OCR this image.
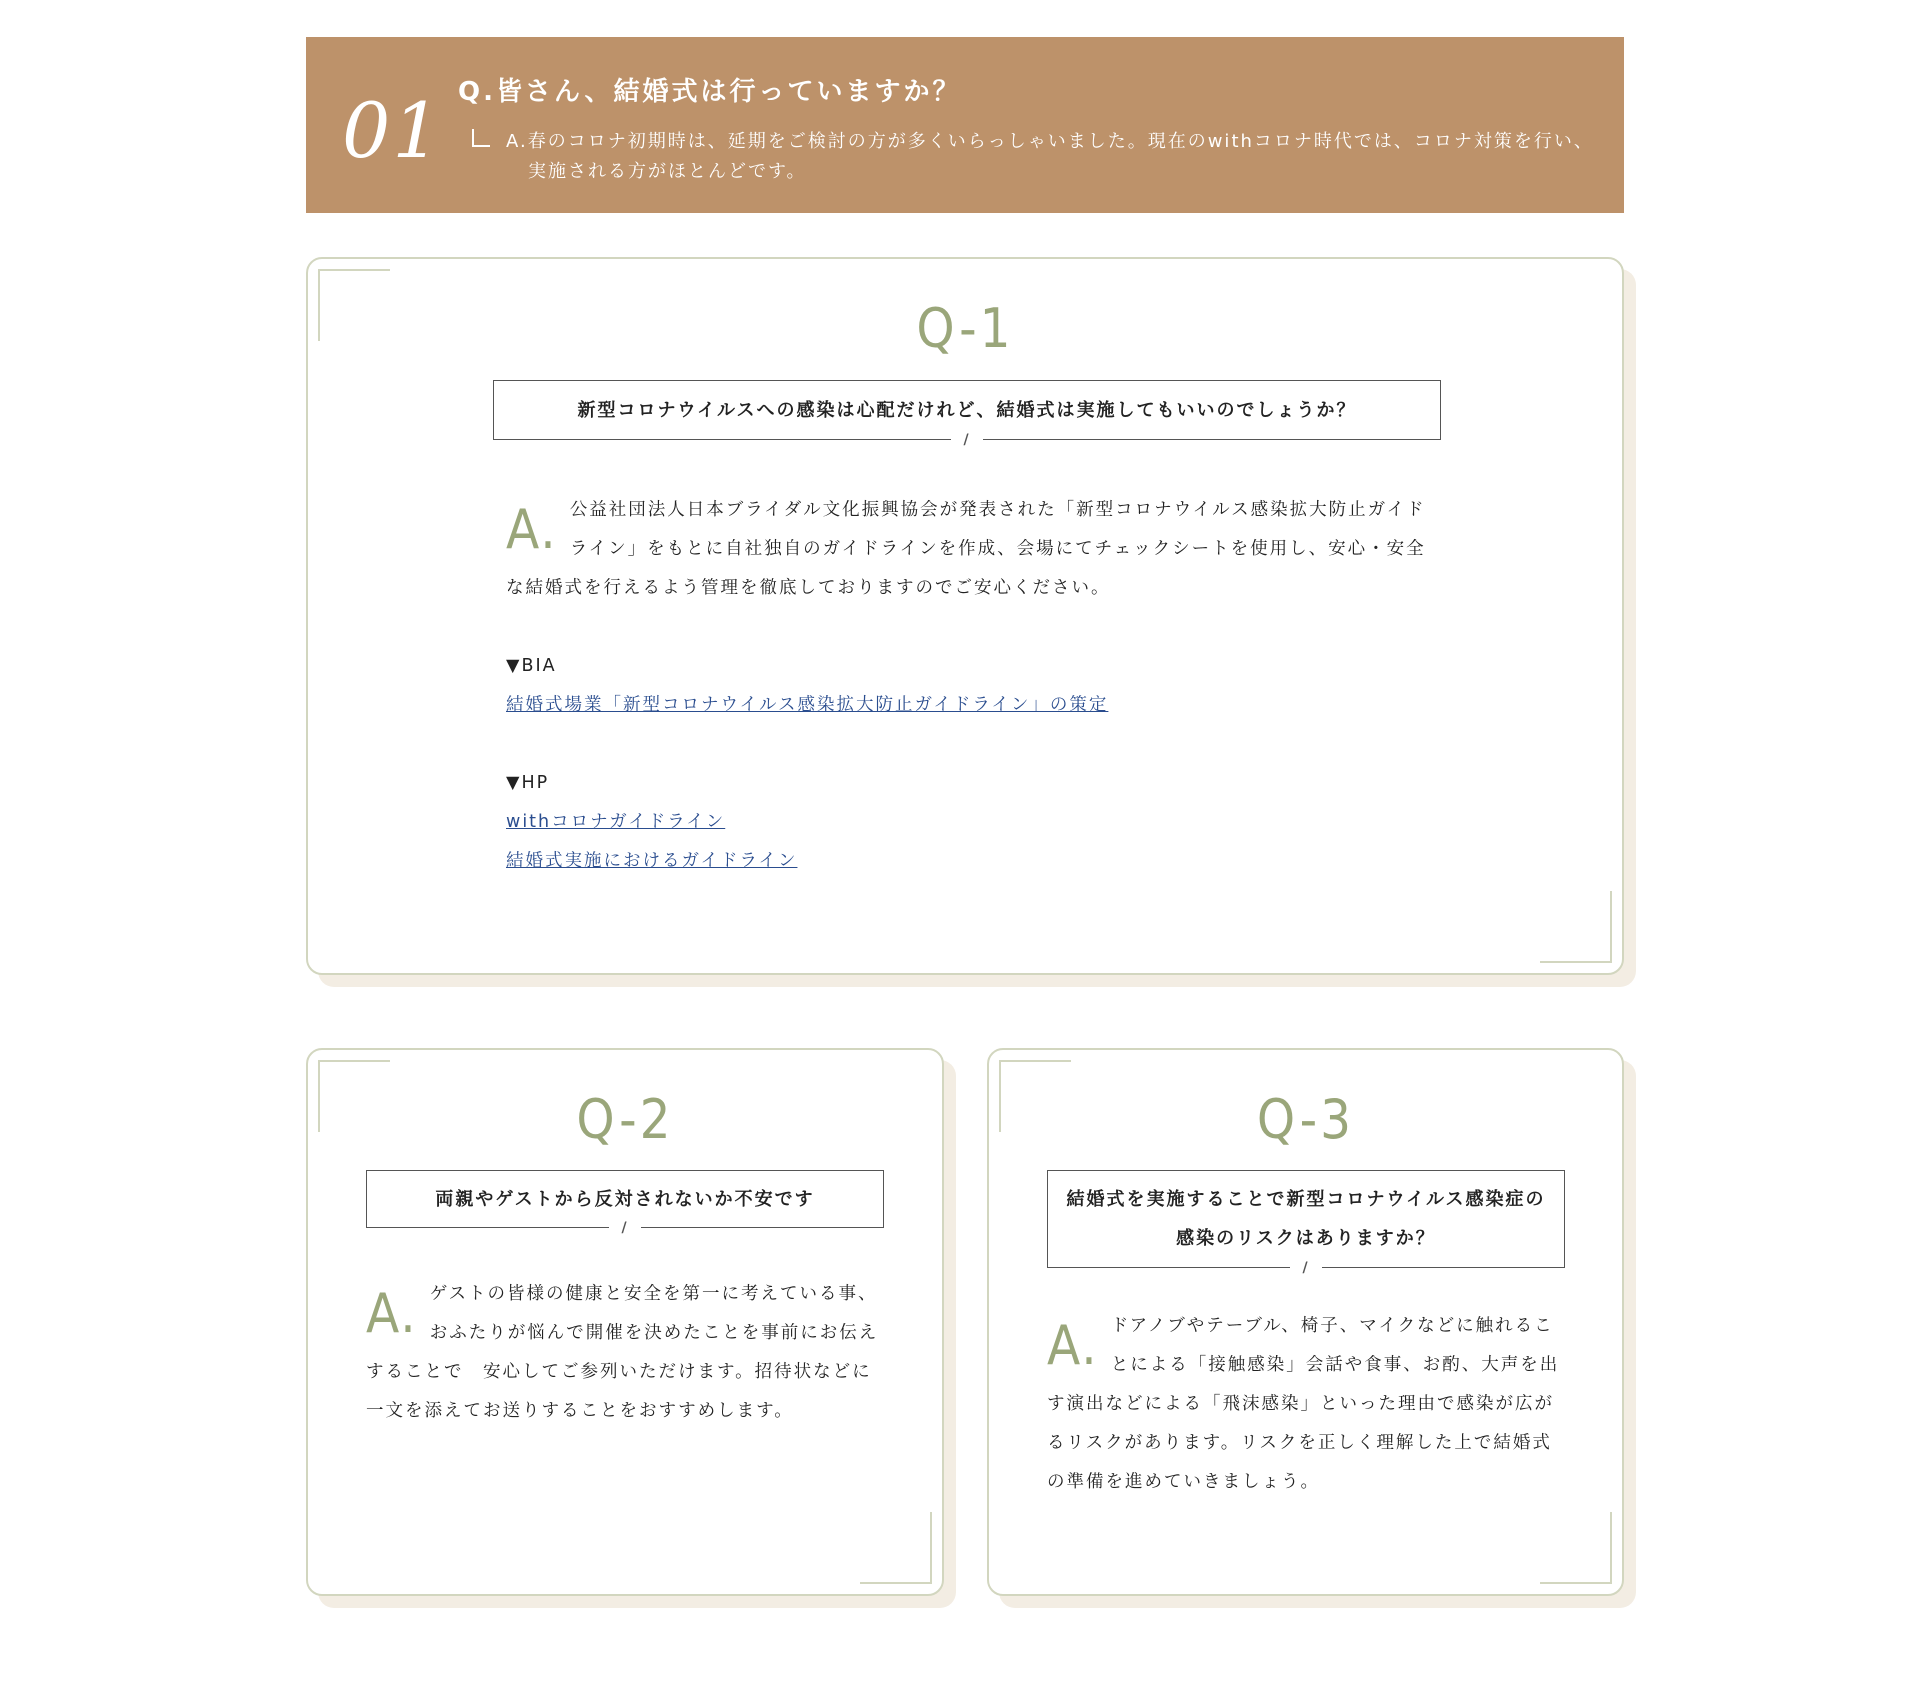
01 Q.皆さん、結婚式は行っていますか？
A.春のコロナ初期時は、延期をご検討の方が多くいらっしゃいました。現在のwithコロナ時代では、コロナ対策を行い、実施される方がほとんどです。
Q-1
新型コロナウイルスへの感染は心配だけれど、結婚式は実施してもいいのでしょうか？
/
A. 公益社団法人日本ブライダル文化振興協会が発表された「新型コロナウイルス感染拡大防止ガイドライン」をもとに自社独自のガイドラインを作成、会場にてチェックシートを使用し、安心・安全な結婚式を行えるよう管理を徹底しておりますのでご安心ください。
▼BIA
結婚式場業「新型コロナウイルス感染拡大防止ガイドライン」の策定
▼HP
withコロナガイドライン
結婚式実施におけるガイドライン
Q-2
両親やゲストから反対されないか不安です
/
A. ゲストの皆様の健康と安全を第一に考えている事、おふたりが悩んで開催を決めたことを事前にお伝えすることで　安心してご参列いただけます。招待状などに一文を添えてお送りすることをおすすめします。
Q-3
結婚式を実施することで新型コロナウイルス感染症の感染のリスクはありますか？
/
A. ドアノブやテーブル、椅子、マイクなどに触れることによる「接触感染」会話や食事、お酌、大声を出す演出などによる「飛沫感染」といった理由で感染が広がるリスクがあります。リスクを正しく理解した上で結婚式の準備を進めていきましょう。
